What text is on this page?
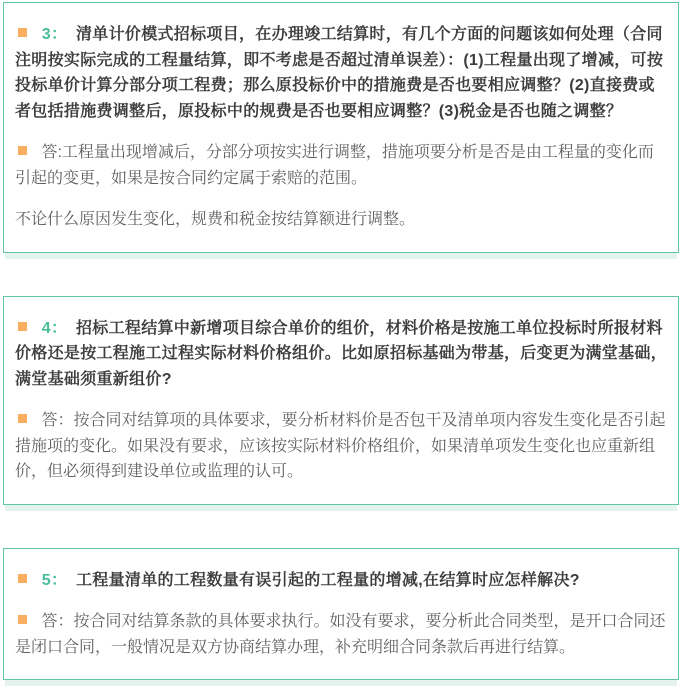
3： 清单计价模式招标项目，在办理竣工结算时，有几个方面的问题该如何处理（合同注明按实际完成的工程量结算，即不考虑是否超过清单误差）：(1)工程量出现了增减，可按投标单价计算分部分项工程费；那么原投标价中的措施费是否也要相应调整？(2)直接费或者包括措施费调整后，原投标中的规费是否也要相应调整？(3)税金是否也随之调整？

答:工程量出现增减后，分部分项按实进行调整，措施项要分析是否是由工程量的变化而引起的变更，如果是按合同约定属于索赔的范围。

不论什么原因发生变化，规费和税金按结算额进行调整。

4： 招标工程结算中新增项目综合单价的组价，材料价格是按施工单位投标时所报材料价格还是按工程施工过程实际材料价格组价。比如原招标基础为带基，后变更为满堂基础，满堂基础须重新组价?

答：按合同对结算项的具体要求，要分析材料价是否包干及清单项内容发生变化是否引起措施项的变化。如果没有要求，应该按实际材料价格组价，如果清单项发生变化也应重新组价，但必须得到建设单位或监理的认可。

5： 工程量清单的工程数量有误引起的工程量的增减,在结算时应怎样解决?

答：按合同对结算条款的具体要求执行。如没有要求，要分析此合同类型，是开口合同还是闭口合同，一般情况是双方协商结算办理，补充明细合同条款后再进行结算。
